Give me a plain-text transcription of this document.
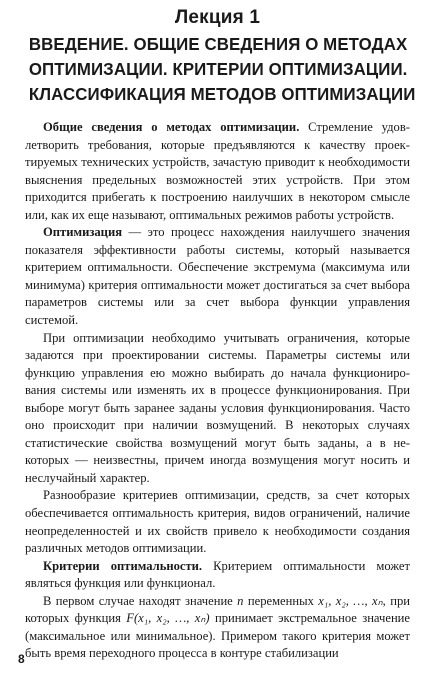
Лекция 1
ВВЕДЕНИЕ. ОБЩИЕ СВЕДЕНИЯ О МЕТОДАХ
ОПТИМИЗАЦИИ. КРИТЕРИИ ОПТИМИЗАЦИИ.
КЛАССИФИКАЦИЯ МЕТОДОВ ОПТИМИЗАЦИИ

Общие сведения о методах оптимизации. Стремление удовлетворить требования, которые предъявляются к качеству проектируемых технических устройств, зачастую приводит к необходимости выяснения предельных возможностей этих устройств. При этом приходится прибегать к построению наилучших в некотором смысле или, как их еще называют, оптимальных режимов работы устройств.

Оптимизация — это процесс нахождения наилучшего значения показателя эффективности работы системы, который называется критерием оптимальности. Обеспечение экстремума (максимума или минимума) критерия оптимальности может достигаться за счет выбора параметров системы или за счет выбора функции управления системой.

При оптимизации необходимо учитывать ограничения, которые задаются при проектировании системы. Параметры системы или функцию управления ею можно выбирать до начала функционирования системы или изменять их в процессе функционирования. При выборе могут быть заранее заданы условия функционирования. Часто оно происходит при наличии возмущений. В некоторых случаях статистические свойства возмущений могут быть заданы, а в некоторых — неизвестны, причем иногда возмущения могут носить и неслучайный характер.

Разнообразие критериев оптимизации, средств, за счет которых обеспечивается оптимальность критерия, видов ограничений, наличие неопределенностей и их свойств привело к необходимости создания различных методов оптимизации.

Критерии оптимальности. Критерием оптимальности может являться функция или функционал.

В первом случае находят значение n переменных x₁, x₂, …, xₙ, при которых функция F(x₁, x₂, …, xₙ) принимает экстремальное значение (максимальное или минимальное). Примером такого критерия может быть время переходного процесса в контуре стабилизации

8
